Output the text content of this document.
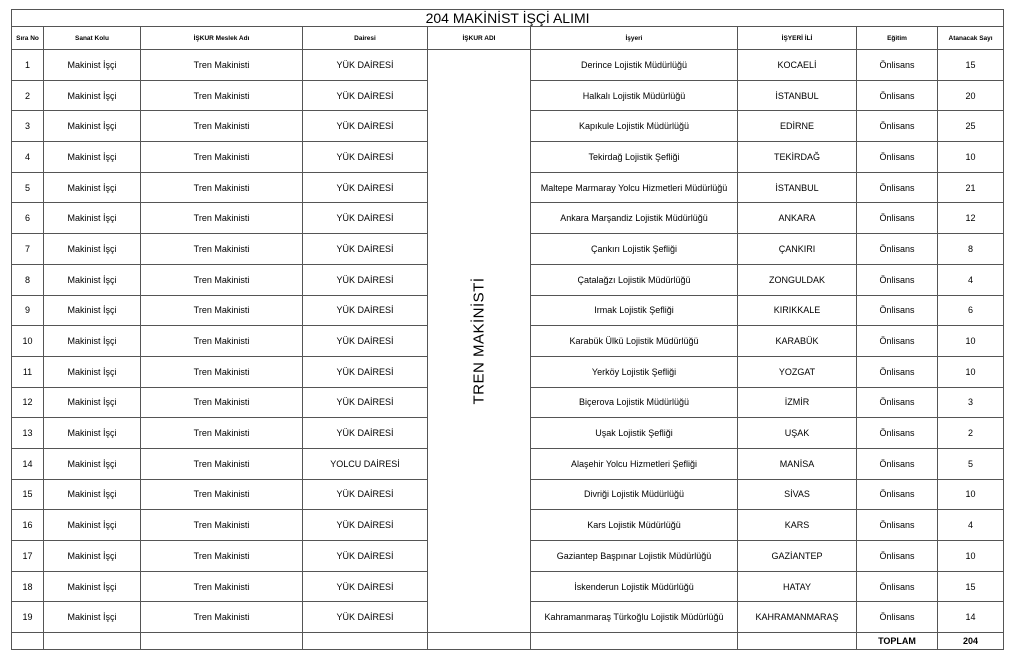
204 MAKİNİST İŞÇİ ALIMI								
Sıra No	Sanat Kolu	İŞKUR Meslek Adı	Dairesi	İŞKUR ADI	İşyeri	İŞYERİ İLİ	Eğitim	Atanacak Sayı
1	Makinist İşçi	Tren Makinisti	YÜK DAİRESİ	TREN MAKİNİSTİ	Derince Lojistik Müdürlüğü	KOCAELİ	Önlisans	15
2	Makinist İşçi	Tren Makinisti	YÜK DAİRESİ		Halkalı Lojistik Müdürlüğü	İSTANBUL	Önlisans	20
3	Makinist İşçi	Tren Makinisti	YÜK DAİRESİ		Kapıkule Lojistik Müdürlüğü	EDİRNE	Önlisans	25
4	Makinist İşçi	Tren Makinisti	YÜK DAİRESİ		Tekirdağ Lojistik Şefliği	TEKİRDAĞ	Önlisans	10
5	Makinist İşçi	Tren Makinisti	YÜK DAİRESİ		Maltepe Marmaray Yolcu Hizmetleri Müdürlüğü	İSTANBUL	Önlisans	21
6	Makinist İşçi	Tren Makinisti	YÜK DAİRESİ		Ankara Marşandiz Lojistik Müdürlüğü	ANKARA	Önlisans	12
7	Makinist İşçi	Tren Makinisti	YÜK DAİRESİ		Çankırı Lojistik Şefliği	ÇANKIRI	Önlisans	8
8	Makinist İşçi	Tren Makinisti	YÜK DAİRESİ		Çatalağzı Lojistik Müdürlüğü	ZONGULDAK	Önlisans	4
9	Makinist İşçi	Tren Makinisti	YÜK DAİRESİ		Irmak Lojistik Şefliği	KIRIKKALE	Önlisans	6
10	Makinist İşçi	Tren Makinisti	YÜK DAİRESİ		Karabük Ülkü Lojistik Müdürlüğü	KARABÜK	Önlisans	10
11	Makinist İşçi	Tren Makinisti	YÜK DAİRESİ		Yerköy Lojistik Şefliği	YOZGAT	Önlisans	10
12	Makinist İşçi	Tren Makinisti	YÜK DAİRESİ		Biçerova Lojistik Müdürlüğü	İZMİR	Önlisans	3
13	Makinist İşçi	Tren Makinisti	YÜK DAİRESİ		Uşak Lojistik Şefliği	UŞAK	Önlisans	2
14	Makinist İşçi	Tren Makinisti	YOLCU DAİRESİ		Alaşehir Yolcu Hizmetleri Şefliği	MANİSA	Önlisans	5
15	Makinist İşçi	Tren Makinisti	YÜK DAİRESİ		Divriği Lojistik Müdürlüğü	SİVAS	Önlisans	10
16	Makinist İşçi	Tren Makinisti	YÜK DAİRESİ		Kars Lojistik Müdürlüğü	KARS	Önlisans	4
17	Makinist İşçi	Tren Makinisti	YÜK DAİRESİ		Gaziantep Başpınar Lojistik Müdürlüğü	GAZİANTEP	Önlisans	10
18	Makinist İşçi	Tren Makinisti	YÜK DAİRESİ		İskenderun Lojistik Müdürlüğü	HATAY	Önlisans	15
19	Makinist İşçi	Tren Makinisti	YÜK DAİRESİ		Kahramanmaraş Türkoğlu Lojistik Müdürlüğü	KAHRAMANMARAŞ	Önlisans	14
							TOPLAM	204
